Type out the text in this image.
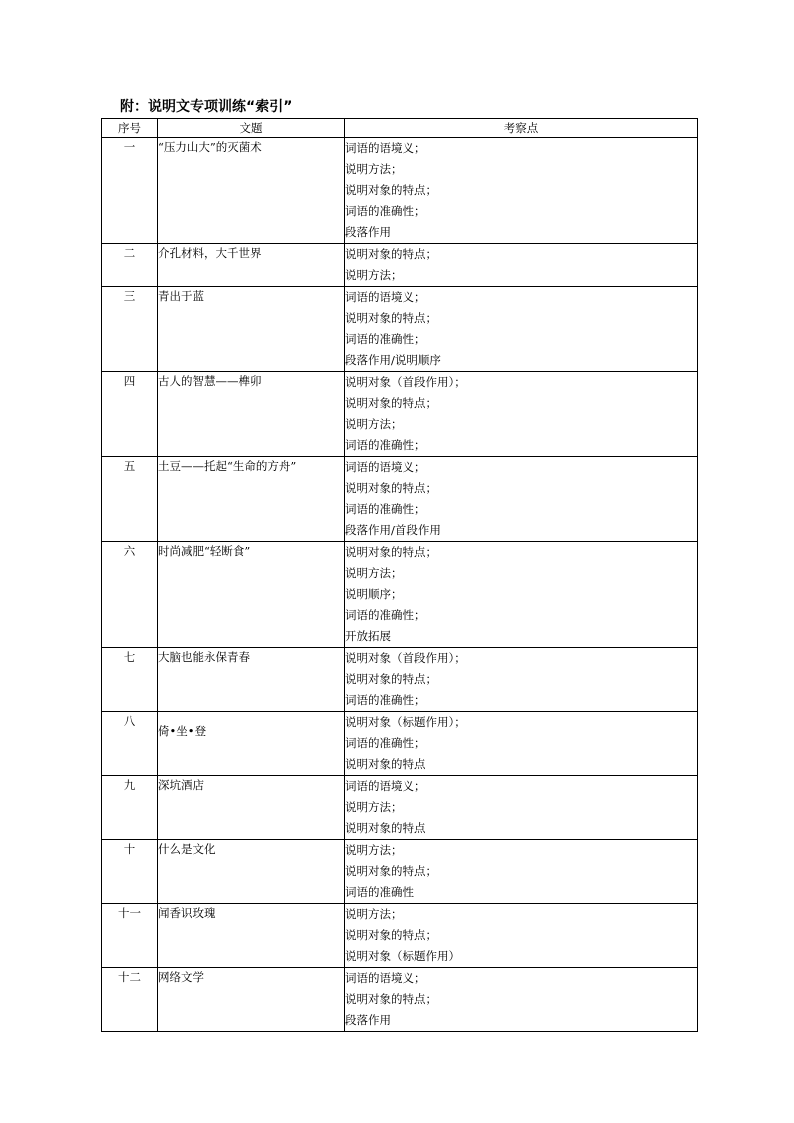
附：说明文专项训练“索引”
序号	文题	考察点
一	“压力山大”的灭菌术	词语的语境义；
说明方法；
说明对象的特点；
词语的准确性；
段落作用

二	介孔材料，大千世界	说明对象的特点；
说明方法；

三	青出于蓝	词语的语境义；
说明对象的特点；
词语的准确性；
段落作用/说明顺序

四	古人的智慧——榫卯	说明对象（首段作用）；
说明对象的特点；
说明方法；
词语的准确性；

五	土豆——托起“生命的方舟”	词语的语境义；
说明对象的特点；
词语的准确性；
段落作用/首段作用

六	时尚减肥“轻断食”	说明对象的特点；
说明方法；
说明顺序；
词语的准确性；
开放拓展

七	大脑也能永保青春	说明对象（首段作用）；
说明对象的特点；
词语的准确性；

八	倚•坐•登	说明对象（标题作用）；
词语的准确性；
说明对象的特点

九	深坑酒店	词语的语境义；
说明方法；
说明对象的特点

十	什么是文化	说明方法；
说明对象的特点；
词语的准确性

十一	闻香识玫瑰	说明方法；
说明对象的特点；
说明对象（标题作用）

十二	网络文学	词语的语境义；
说明对象的特点；
段落作用
